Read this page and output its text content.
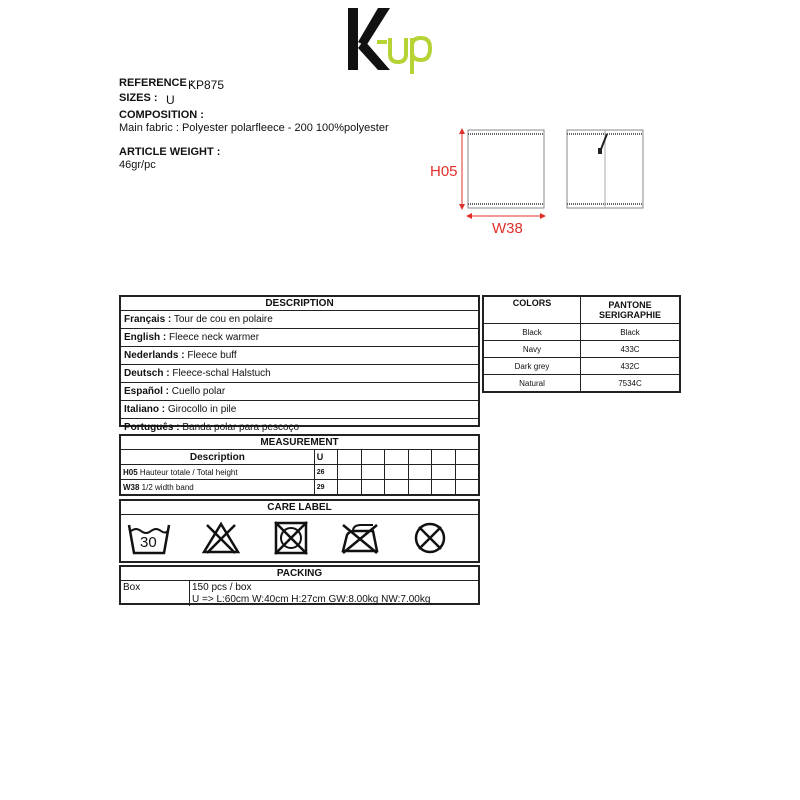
REFERENCE :
KP875
SIZES : U
COMPOSITION :
Main fabric : Polyester polarfleece - 200 100%polyester
ARTICLE WEIGHT :
46gr/pc	H05
W38
DESCRIPTION
Français : Tour de cou en polaire
English : Fleece neck warmer
Nederlands : Fleece buff
Deutsch : Fleece-schal Halstuch
Español : Cuello polar
Italiano : Girocollo in pile
Português : Banda polar para pescoço
COLORS	PANTONE SERIGRAPHIE
Black	Black
Navy	433C
Dark grey	432C
Natural	7534C
MEASUREMENT
Description	U						
H05 Hauteur totale / Total height	26						
W38 1/2 width band	29						
CARE LABEL
30
PACKING
Box	150 pcs / box
U => L:60cm W:40cm H:27cm GW:8.00kg NW:7.00kg
